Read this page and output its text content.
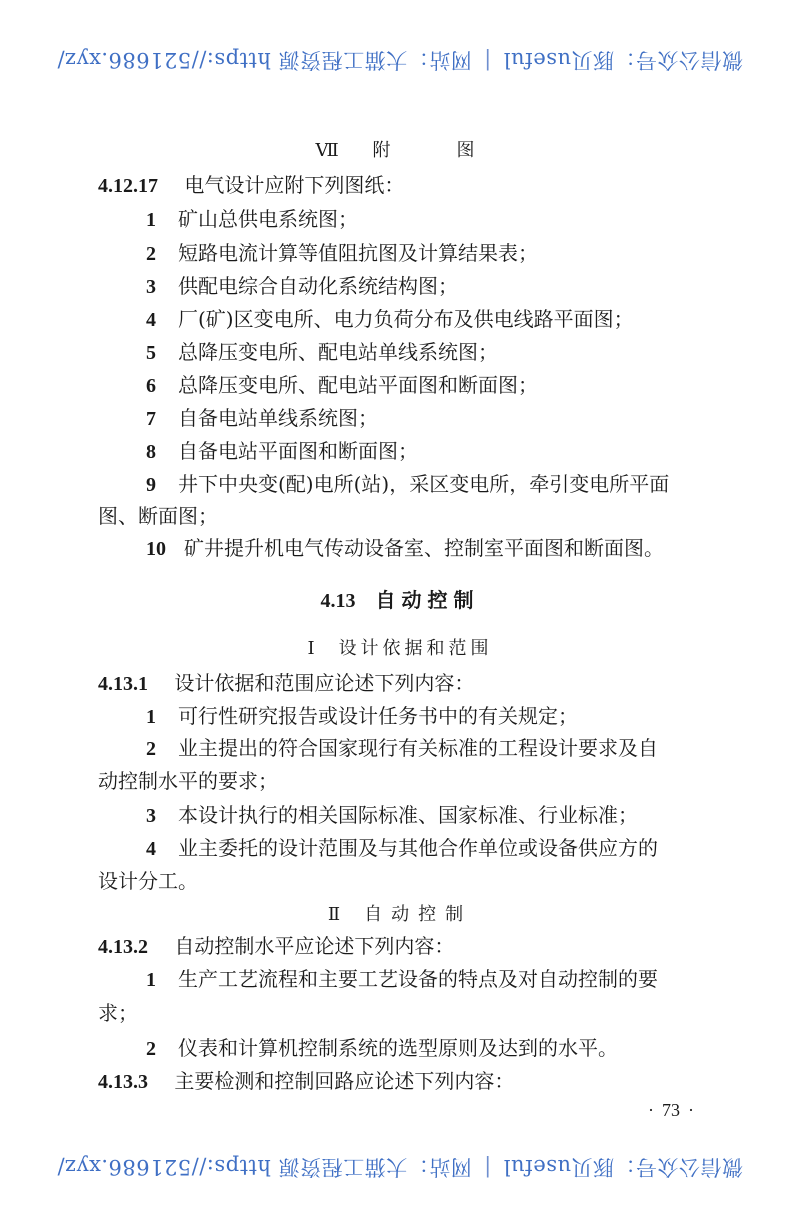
微信公众号：豚贝useful
|
网站：大猫工程资源 https://521686.xyz/
Ⅶ 附　　图
4.12.17 电气设计应附下列图纸：
1 矿山总供电系统图；
2 短路电流计算等值阻抗图及计算结果表；
3 供配电综合自动化系统结构图；
4 厂(矿)区变电所、电力负荷分布及供电线路平面图；
5 总降压变电所、配电站单线系统图；
6 总降压变电所、配电站平面图和断面图；
7 自备电站单线系统图；
8 自备电站平面图和断面图；
9 井下中央变(配)电所(站)，采区变电所，牵引变电所平面
图、断面图；
10 矿井提升机电气传动设备室、控制室平面图和断面图。
4.13 自动控制
Ⅰ 设计依据和范围
4.13.1 设计依据和范围应论述下列内容：
1 可行性研究报告或设计任务书中的有关规定；
2 业主提出的符合国家现行有关标准的工程设计要求及自
动控制水平的要求；
3 本设计执行的相关国际标准、国家标准、行业标准；
4 业主委托的设计范围及与其他合作单位或设备供应方的
设计分工。
Ⅱ 自动控制
4.13.2 自动控制水平应论述下列内容：
1 生产工艺流程和主要工艺设备的特点及对自动控制的要
求；
2 仪表和计算机控制系统的选型原则及达到的水平。
4.13.3 主要检测和控制回路应论述下列内容：
· 73 ·
微信公众号：豚贝useful
|
网站：大猫工程资源 https://521686.xyz/
